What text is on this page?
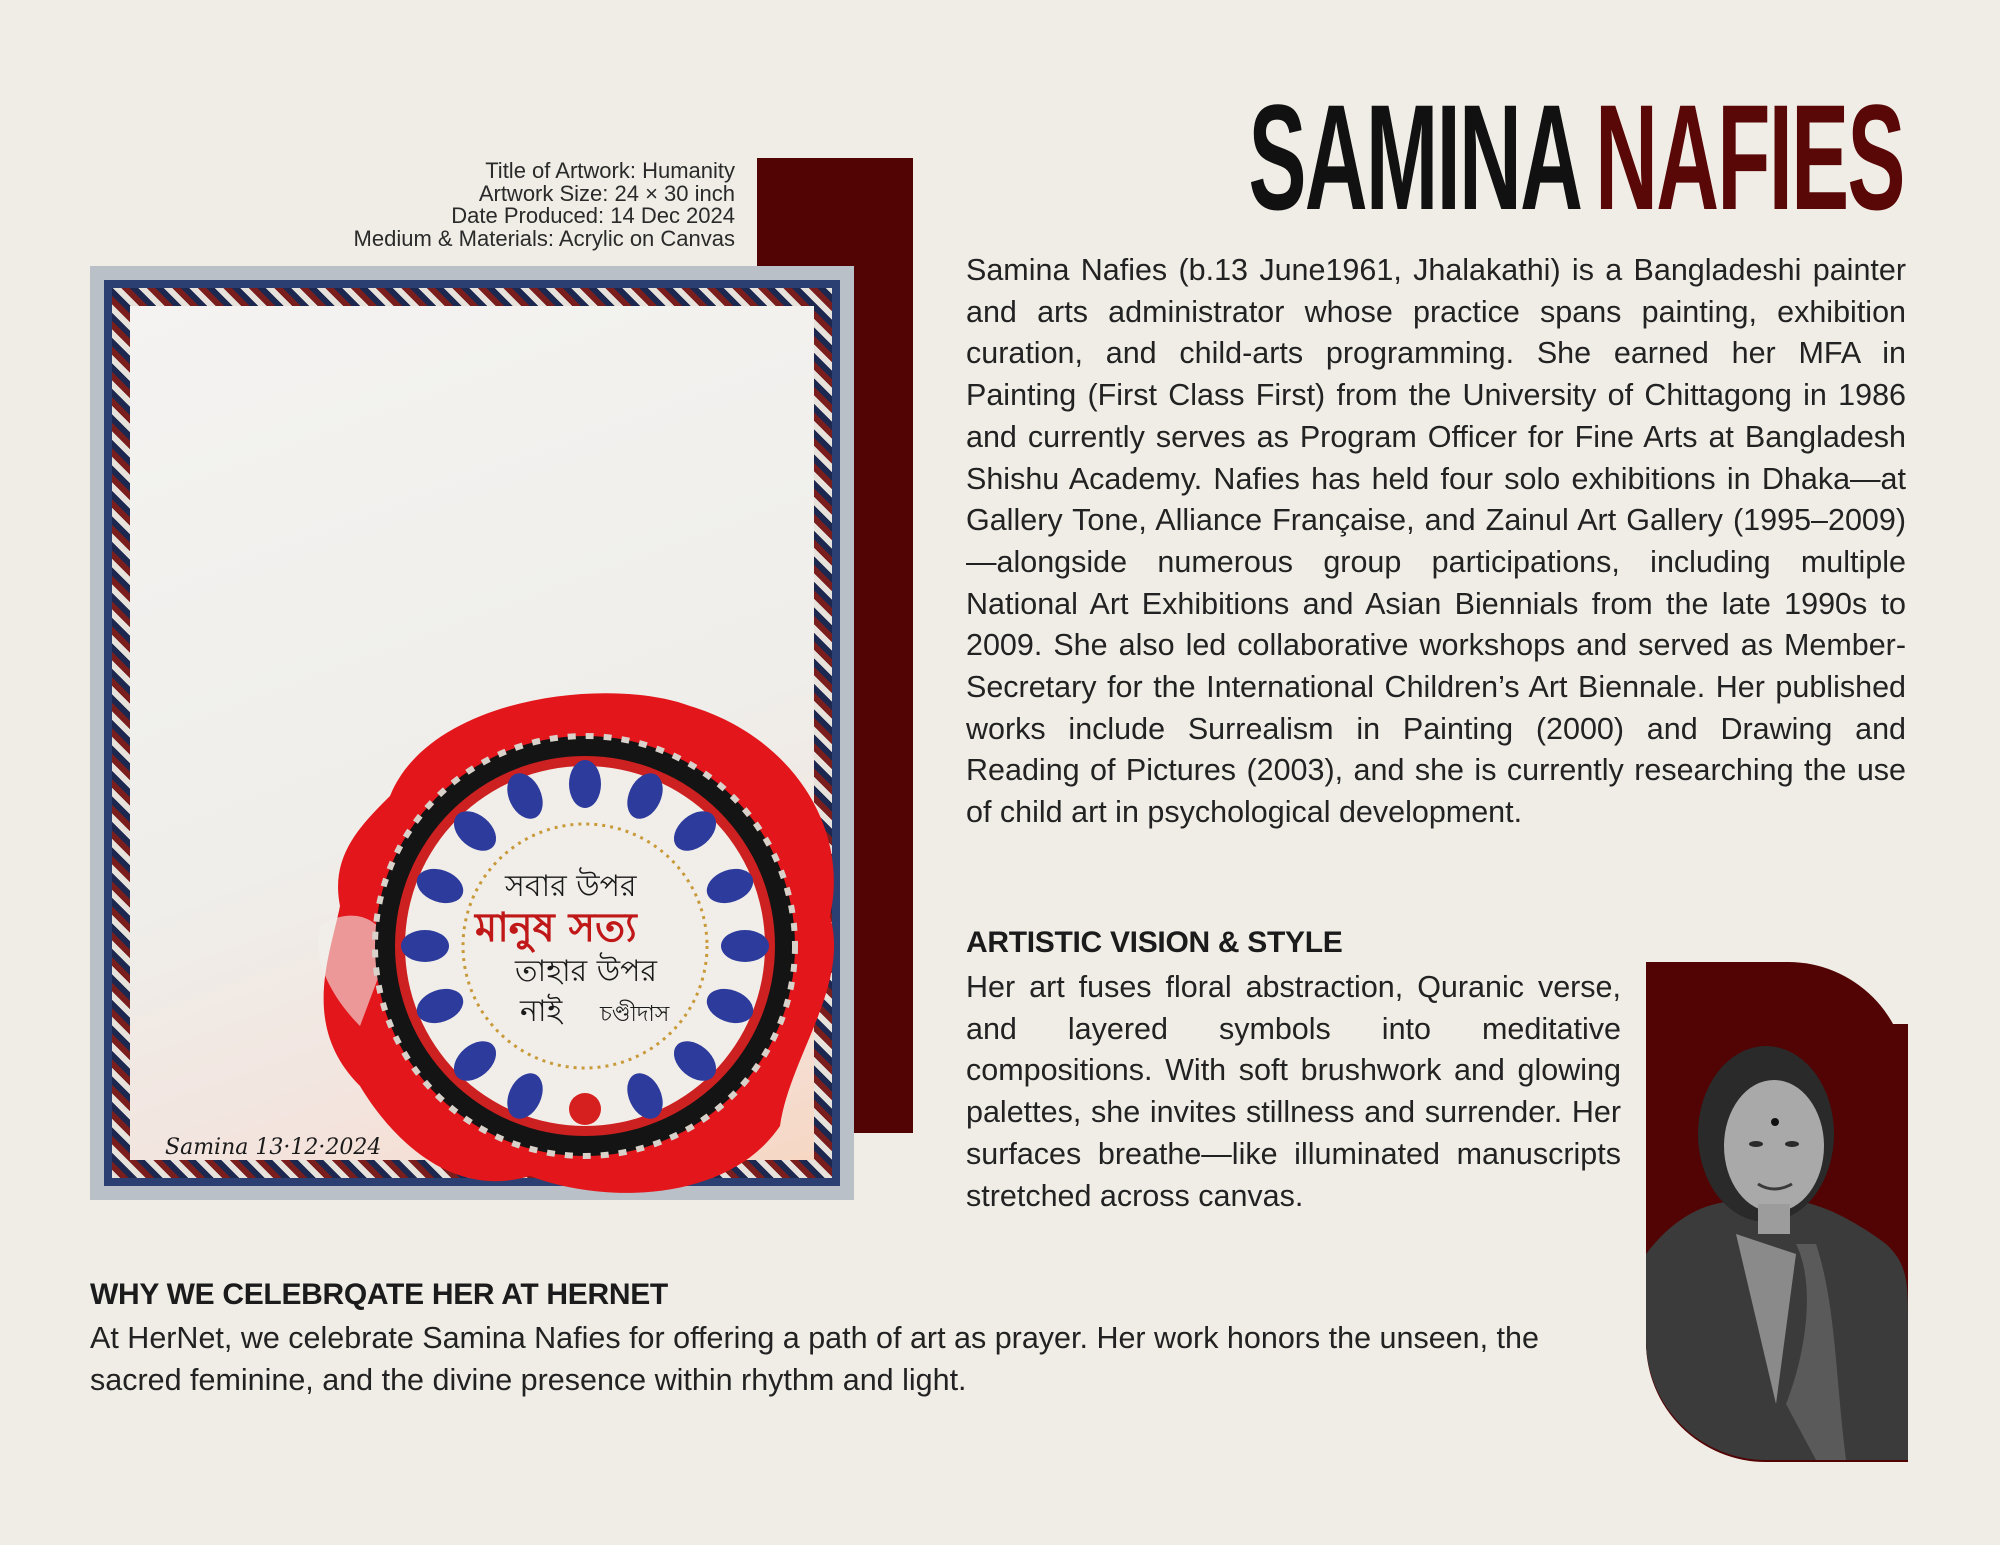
SAMINANAFIES
Title of Artwork: Humanity
Artwork Size: 24 × 30 inch
Date Produced: 14 Dec 2024
Medium & Materials: Acrylic on Canvas
সবার উপর
মানুষ সত্য
তাহার উপর
নাই চণ্ডীদাস
Samina 13·12·2024
Samina Nafies (b.13 June1961, Jhalakathi) is a Bangladeshi painter and arts administrator whose practice spans painting, exhibition curation, and child-arts programming. She earned her MFA in Painting (First Class First) from the University of Chittagong in 1986 and currently serves as Program Officer for Fine Arts at Bangladesh Shishu Academy. Nafies has held four solo exhibitions in Dhaka—at Gallery Tone, Alliance Française, and Zainul Art Gallery (1995–2009)—alongside numerous group participations, including multiple National Art Exhibitions and Asian Biennials from the late 1990s to 2009. She also led collaborative workshops and served as Member-Secretary for the International Children’s Art Biennale. Her published works include Surrealism in Painting (2000) and Drawing and Reading of Pictures (2003), and she is currently researching the use of child art in psychological development.
ARTISTIC VISION & STYLE
Her art fuses floral abstraction, Quranic verse, and layered symbols into meditative compositions. With soft brushwork and glowing palettes, she invites stillness and surrender. Her surfaces breathe—like illuminated manuscripts stretched across canvas.
WHY WE CELEBRQATE HER AT HERNET
At HerNet, we celebrate Samina Nafies for offering a path of art as prayer. Her work honors the unseen, the sacred feminine, and the divine presence within rhythm and light.
